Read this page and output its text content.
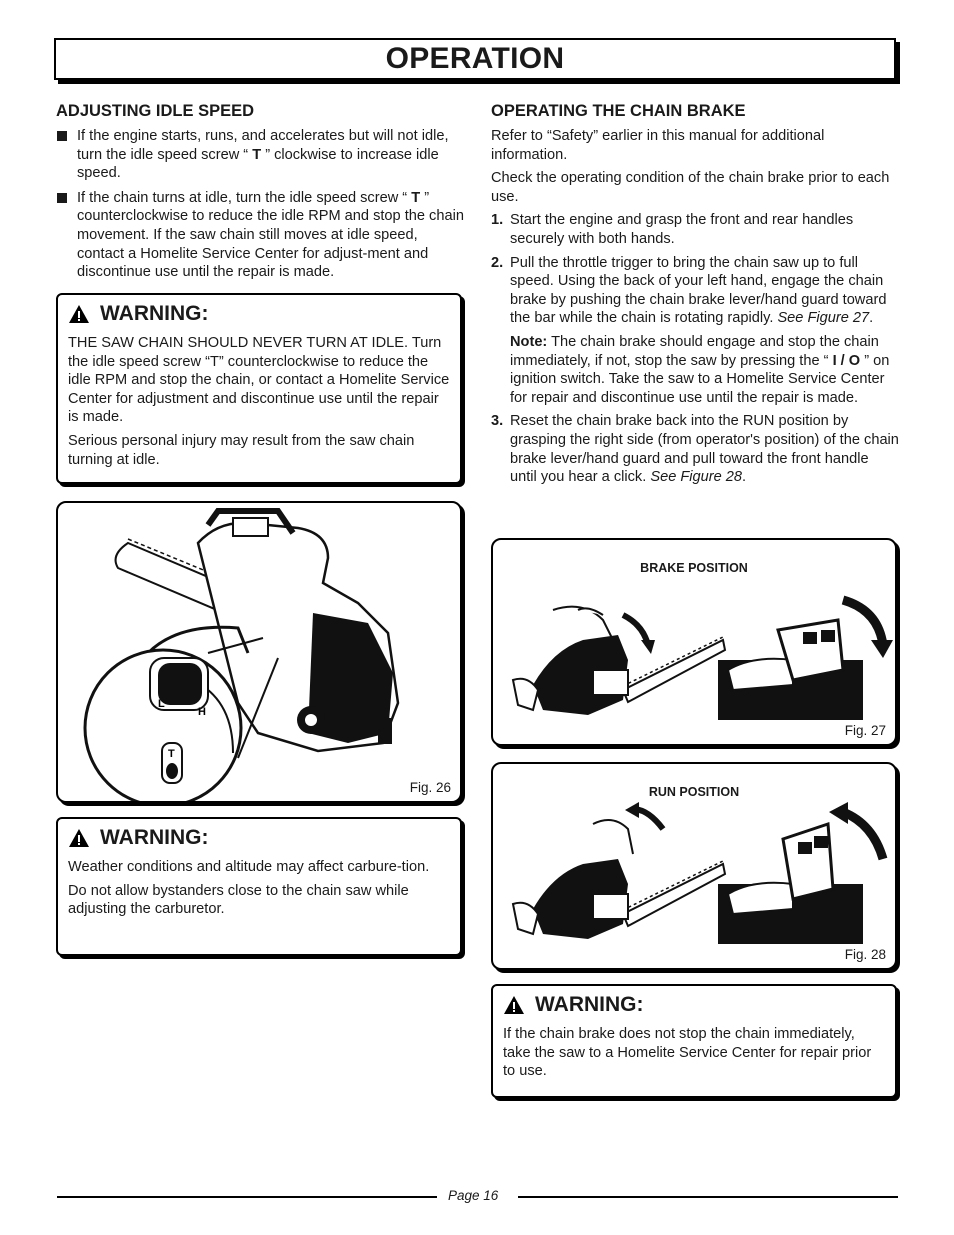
OPERATION
ADJUSTING IDLE SPEED
If the engine starts, runs, and accelerates but will not idle, turn the idle speed screw “ T ” clockwise to increase idle speed.
If the chain turns at idle, turn the idle speed screw “ T ” counterclockwise to reduce the idle RPM and stop the chain movement. If the saw chain still moves at idle speed, contact a Homelite Service Center for adjust-ment and discontinue use until the repair is made.
WARNING:

THE SAW CHAIN SHOULD NEVER TURN AT IDLE. Turn the idle speed screw “T” counterclockwise to reduce the idle RPM and stop the chain, or contact a Homelite Service Center for adjustment and discontinue use until the repair is made.

Serious personal injury may result from the saw chain turning at idle.

L
H
T
Fig. 26
WARNING:

Weather conditions and altitude may affect carbure-tion.

Do not allow bystanders close to the chain saw while adjusting the carburetor.

OPERATING THE CHAIN BRAKE

Refer to “Safety” earlier in this manual for additional information.

Check the operating condition of the chain brake prior to each use.

1. Start the engine and grasp the front and rear handles securely with both hands.

2. Pull the throttle trigger to bring the chain saw up to full speed. Using the back of your left hand, engage the chain brake by pushing the chain brake lever/hand guard toward the bar while the chain is rotating rapidly. See Figure 27.

Note: The chain brake should engage and stop the chain immediately, if not, stop the saw by pressing the “ I / O ” on ignition switch. Take the saw to a Homelite Service Center for repair and discontinue use until the repair is made.

3. Reset the chain brake back into the RUN position by grasping the right side (from operator's position) of the chain brake lever/hand guard and pull toward the front handle until you hear a click. See Figure 28.

BRAKE POSITION
Fig. 27
RUN POSITION
Fig. 28
WARNING:

If the chain brake does not stop the chain immediately, take the saw to a Homelite Service Center for repair prior to use.

Page 16
